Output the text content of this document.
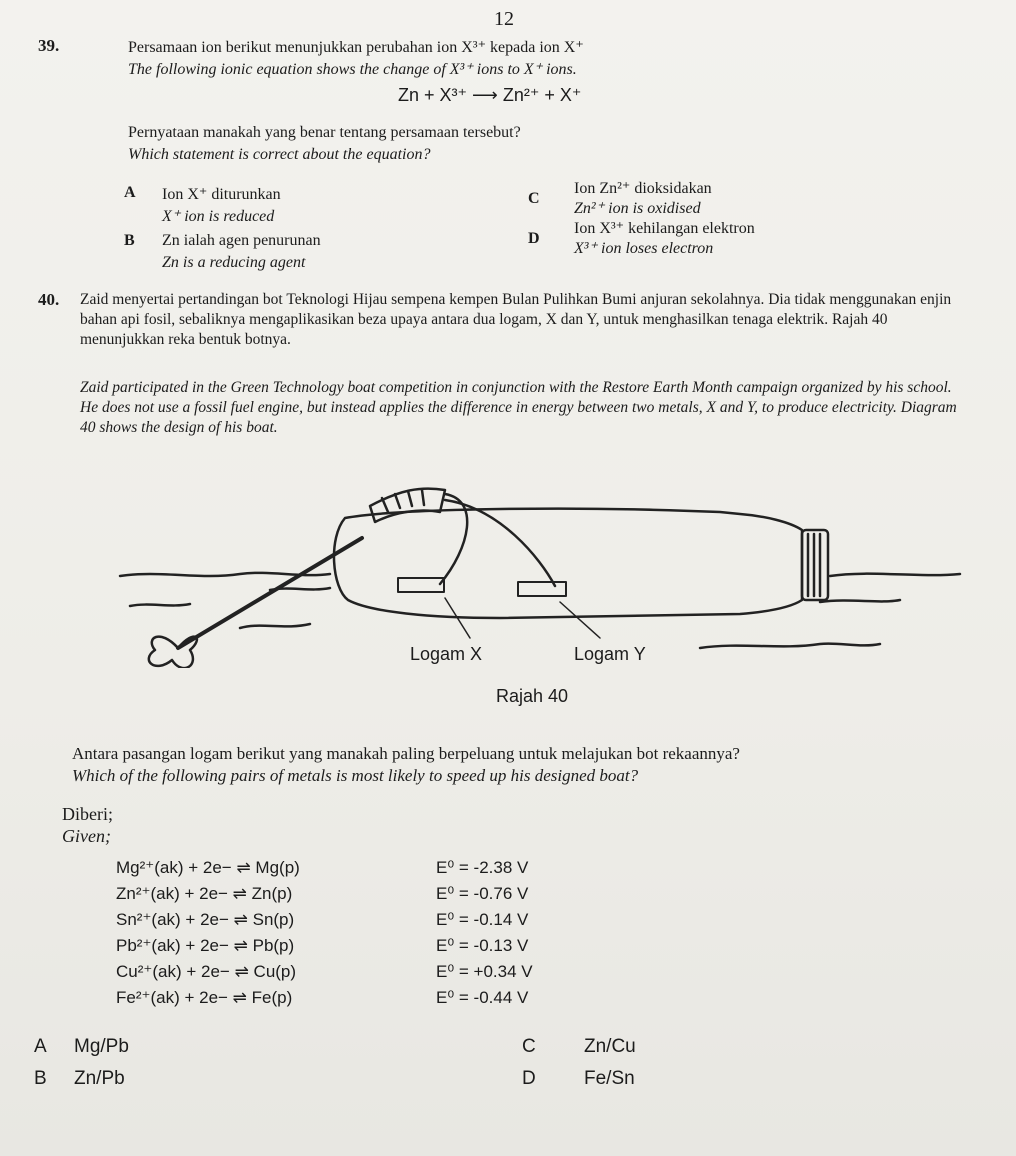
12
39.	Persamaan ion berikut menunjukkan perubahan ion X³⁺ kepada ion X⁺
The following ionic equation shows the change of X³⁺ ions to X⁺ ions.
Zn + X³⁺ ⟶ Zn²⁺ + X⁺
Pernyataan manakah yang benar tentang persamaan tersebut?
Which statement is correct about the equation?
A Ion X⁺ diturunkan
X⁺ ion is reduced
B Zn ialah agen penurunan
Zn is a reducing agent
C
Ion Zn²⁺ dioksidakan
Zn²⁺ ion is oxidised
D
Ion X³⁺ kehilangan elektron
X³⁺ ion loses electron
40. Zaid menyertai pertandingan bot Teknologi Hijau sempena kempen Bulan Pulihkan Bumi anjuran sekolahnya. Dia tidak menggunakan enjin bahan api fosil, sebaliknya mengaplikasikan beza upaya antara dua logam, X dan Y, untuk menghasilkan tenaga elektrik. Rajah 40 menunjukkan reka bentuk botnya.
Zaid participated in the Green Technology boat competition in conjunction with the Restore Earth Month campaign organized by his school. He does not use a fossil fuel engine, but instead applies the difference in energy between two metals, X and Y, to produce electricity. Diagram 40 shows the design of his boat.
Logam X	Logam Y
Rajah 40
Antara pasangan logam berikut yang manakah paling berpeluang untuk melajukan bot rekaannya?
Which of the following pairs of metals is most likely to speed up his designed boat?
Diberi;
Given;
Mg²⁺(ak) + 2e− ⇌ Mg(p)	E⁰ = -2.38 V
Zn²⁺(ak) + 2e− ⇌ Zn(p)	E⁰ = -0.76 V
Sn²⁺(ak) + 2e− ⇌ Sn(p)	E⁰ = -0.14 V
Pb²⁺(ak) + 2e− ⇌ Pb(p)	E⁰ = -0.13 V
Cu²⁺(ak) + 2e− ⇌ Cu(p)	E⁰ = +0.34 V
Fe²⁺(ak) + 2e− ⇌ Fe(p)	E⁰ = -0.44 V
A Mg/Pb
B Zn/Pb
C	Zn/Cu
D	Fe/Sn
